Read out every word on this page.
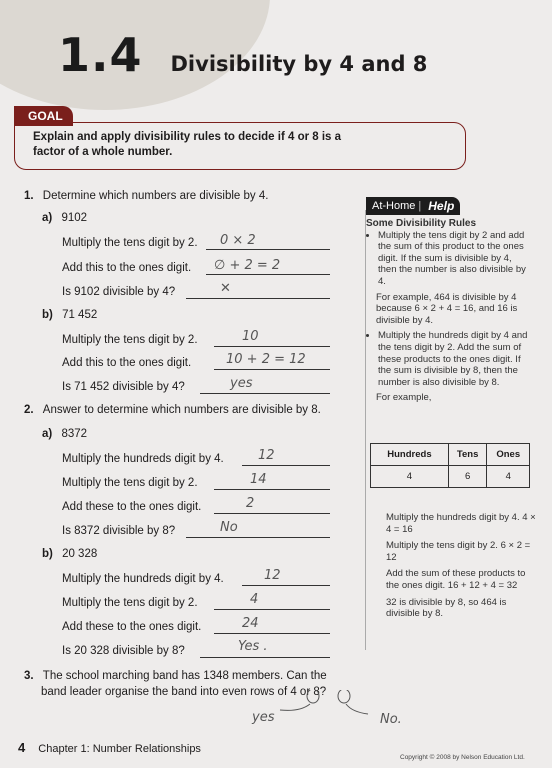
1.4 Divisibility by 4 and 8
GOAL
Explain and apply divisibility rules to decide if 4 or 8 is a
factor of a whole number.
1. Determine which numbers are divisible by 4.
a) 9102
Multiply the tens digit by 2. 0 × 2
Add this to the ones digit. ∅ + 2 = 2
Is 9102 divisible by 4?	✕
b) 71 452
Multiply the tens digit by 2.	10
Add this to the ones digit.	10 + 2 = 12
Is 71 452 divisible by 4?	yes
2. Answer to determine which numbers are divisible by 8.
a) 8372
Multiply the hundreds digit by 4.	12
Multiply the tens digit by 2.	14
Add these to the ones digit.	2
Is 8372 divisible by 8?	No
b) 20 328
Multiply the hundreds digit by 4.	12
Multiply the tens digit by 2.	4
Add these to the ones digit.	24
Is 20 328 divisible by 8?	Yes .
3. The school marching band has 1348 members. Can the
band leader organise the band into even rows of 4 or 8?
yes	No.
At-Home | Help
Some Divisibility Rules
• Multiply the tens digit by 2 and add the sum of this product to the ones digit. If the sum is divisible by 4, then the number is also divisible by 4.

For example, 464 is divisible by 4 because 6 × 2 + 4 = 16, and 16 is divisible by 4.

• Multiply the hundreds digit by 4 and the tens digit by 2. Add the sum of these products to the ones digit. If the sum is divisible by 8, then the number is also divisible by 8.

For example,

Hundreds	Tens	Ones
4	6	4
Multiply the hundreds digit by 4. 4 × 4 = 16
Multiply the tens digit by 2. 6 × 2 = 12
Add the sum of these products to the ones digit. 16 + 12 + 4 = 32
32 is divisible by 8, so 464 is divisible by 8.
4 Chapter 1: Number Relationships
Copyright © 2008 by Nelson Education Ltd.
